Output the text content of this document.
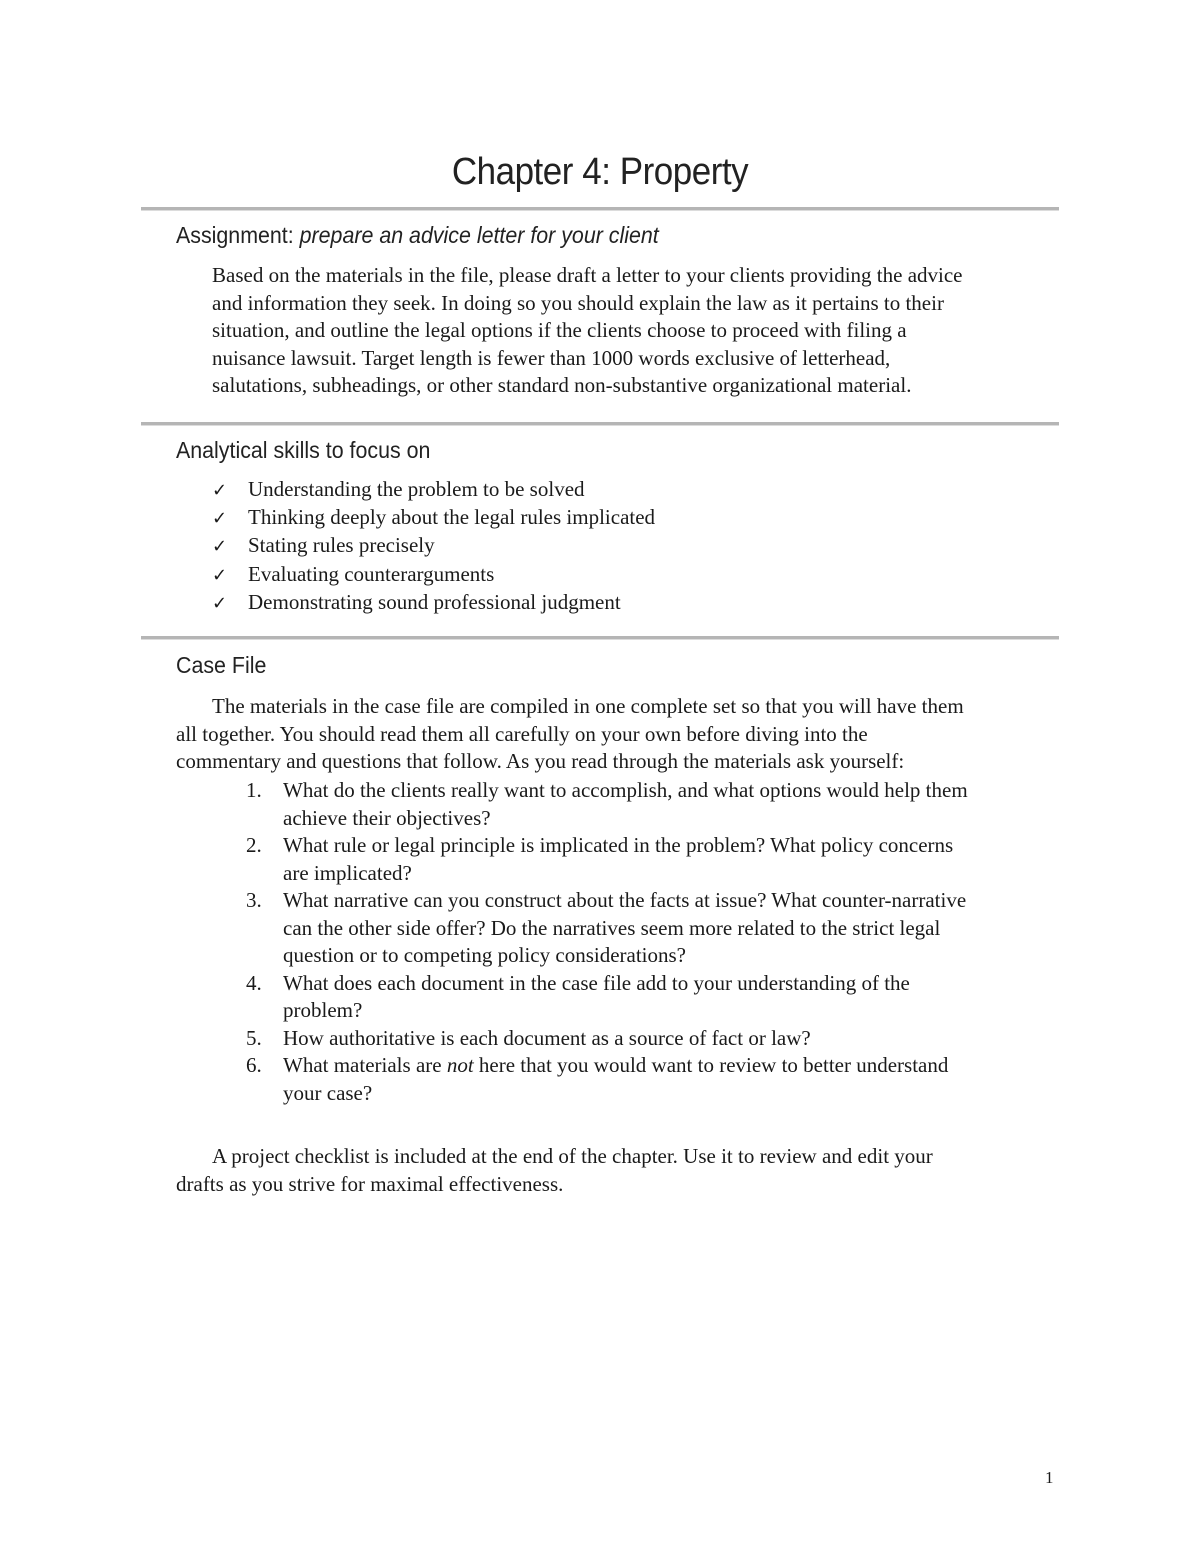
Chapter 4: Property
Assignment: prepare an advice letter for your client
Based on the materials in the file, please draft a letter to your clients providing the advice
and information they seek. In doing so you should explain the law as it pertains to their
situation, and outline the legal options if the clients choose to proceed with filing a
nuisance lawsuit. Target length is fewer than 1000 words exclusive of letterhead,
salutations, subheadings, or other standard non-substantive organizational material.
Analytical skills to focus on
✓ Understanding the problem to be solved
✓ Thinking deeply about the legal rules implicated
✓ Stating rules precisely
✓ Evaluating counterarguments
✓ Demonstrating sound professional judgment
Case File
The materials in the case file are compiled in one complete set so that you will have them
all together. You should read them all carefully on your own before diving into the
commentary and questions that follow. As you read through the materials ask yourself:
1. What do the clients really want to accomplish, and what options would help them
achieve their objectives?
2. What rule or legal principle is implicated in the problem? What policy concerns
are implicated?
3. What narrative can you construct about the facts at issue? What counter-narrative
can the other side offer? Do the narratives seem more related to the strict legal
question or to competing policy considerations?
4. What does each document in the case file add to your understanding of the
problem?
5. How authoritative is each document as a source of fact or law?
6. What materials are not here that you would want to review to better understand
your case?
A project checklist is included at the end of the chapter. Use it to review and edit your
drafts as you strive for maximal effectiveness.
1
